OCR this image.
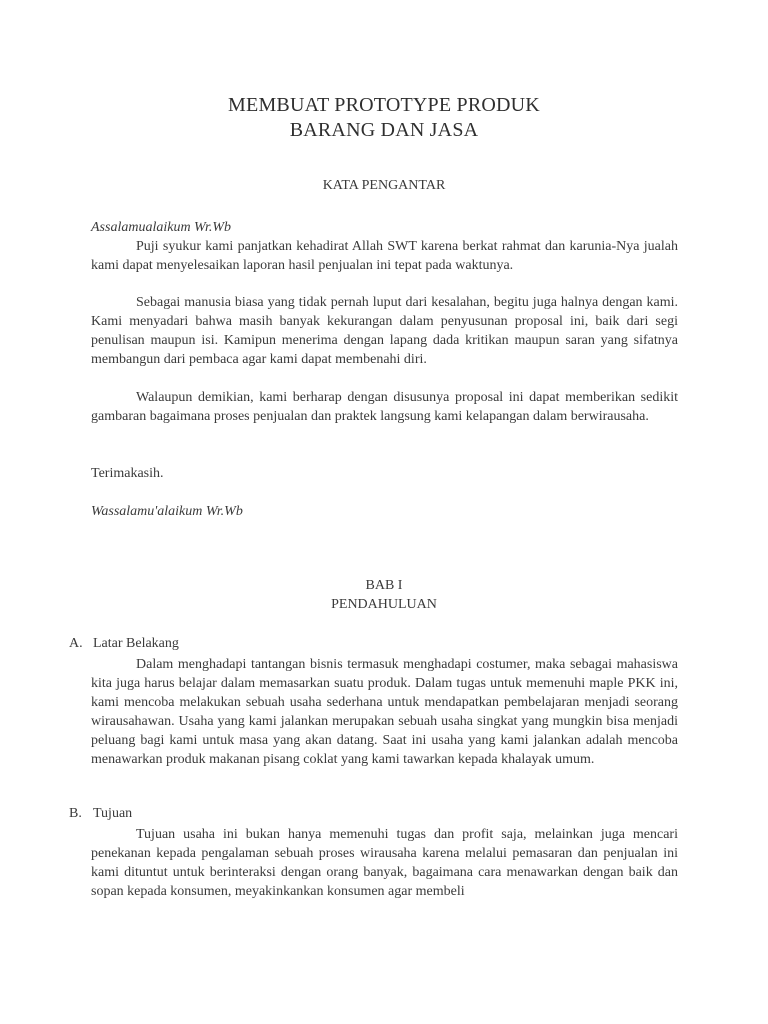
MEMBUAT PROTOTYPE PRODUK
BARANG DAN JASA
KATA PENGANTAR

Assalamualaikum Wr.Wb

Puji syukur kami panjatkan kehadirat Allah SWT karena berkat rahmat dan karunia-Nya jualah kami dapat menyelesaikan laporan hasil penjualan ini tepat pada waktunya.

Sebagai manusia biasa yang tidak pernah luput dari kesalahan, begitu juga halnya dengan kami. Kami menyadari bahwa masih banyak kekurangan dalam penyusunan proposal ini, baik dari segi penulisan maupun isi. Kamipun menerima dengan lapang dada kritikan maupun saran yang sifatnya membangun dari pembaca agar kami dapat membenahi diri.

Walaupun demikian, kami berharap dengan disusunya proposal ini dapat memberikan sedikit gambaran bagaimana proses penjualan dan praktek langsung kami kelapangan dalam berwirausaha.

Terimakasih.

Wassalamu'alaikum Wr.Wb

BAB I
PENDAHULUAN
A. Latar Belakang

Dalam menghadapi tantangan bisnis termasuk menghadapi costumer, maka sebagai mahasiswa kita juga harus belajar dalam memasarkan suatu produk. Dalam tugas untuk memenuhi maple PKK ini, kami mencoba melakukan sebuah usaha sederhana untuk mendapatkan pembelajaran menjadi seorang wirausahawan. Usaha yang kami jalankan merupakan sebuah usaha singkat yang mungkin bisa menjadi peluang bagi kami untuk masa yang akan datang. Saat ini usaha yang kami jalankan adalah mencoba menawarkan produk makanan pisang coklat yang kami tawarkan kepada khalayak umum.

B. Tujuan

Tujuan usaha ini bukan hanya memenuhi tugas dan profit saja, melainkan juga mencari penekanan kepada pengalaman sebuah proses wirausaha karena melalui pemasaran dan penjualan ini kami dituntut untuk berinteraksi dengan orang banyak, bagaimana cara menawarkan dengan baik dan sopan kepada konsumen, meyakinkankan konsumen agar membeli
